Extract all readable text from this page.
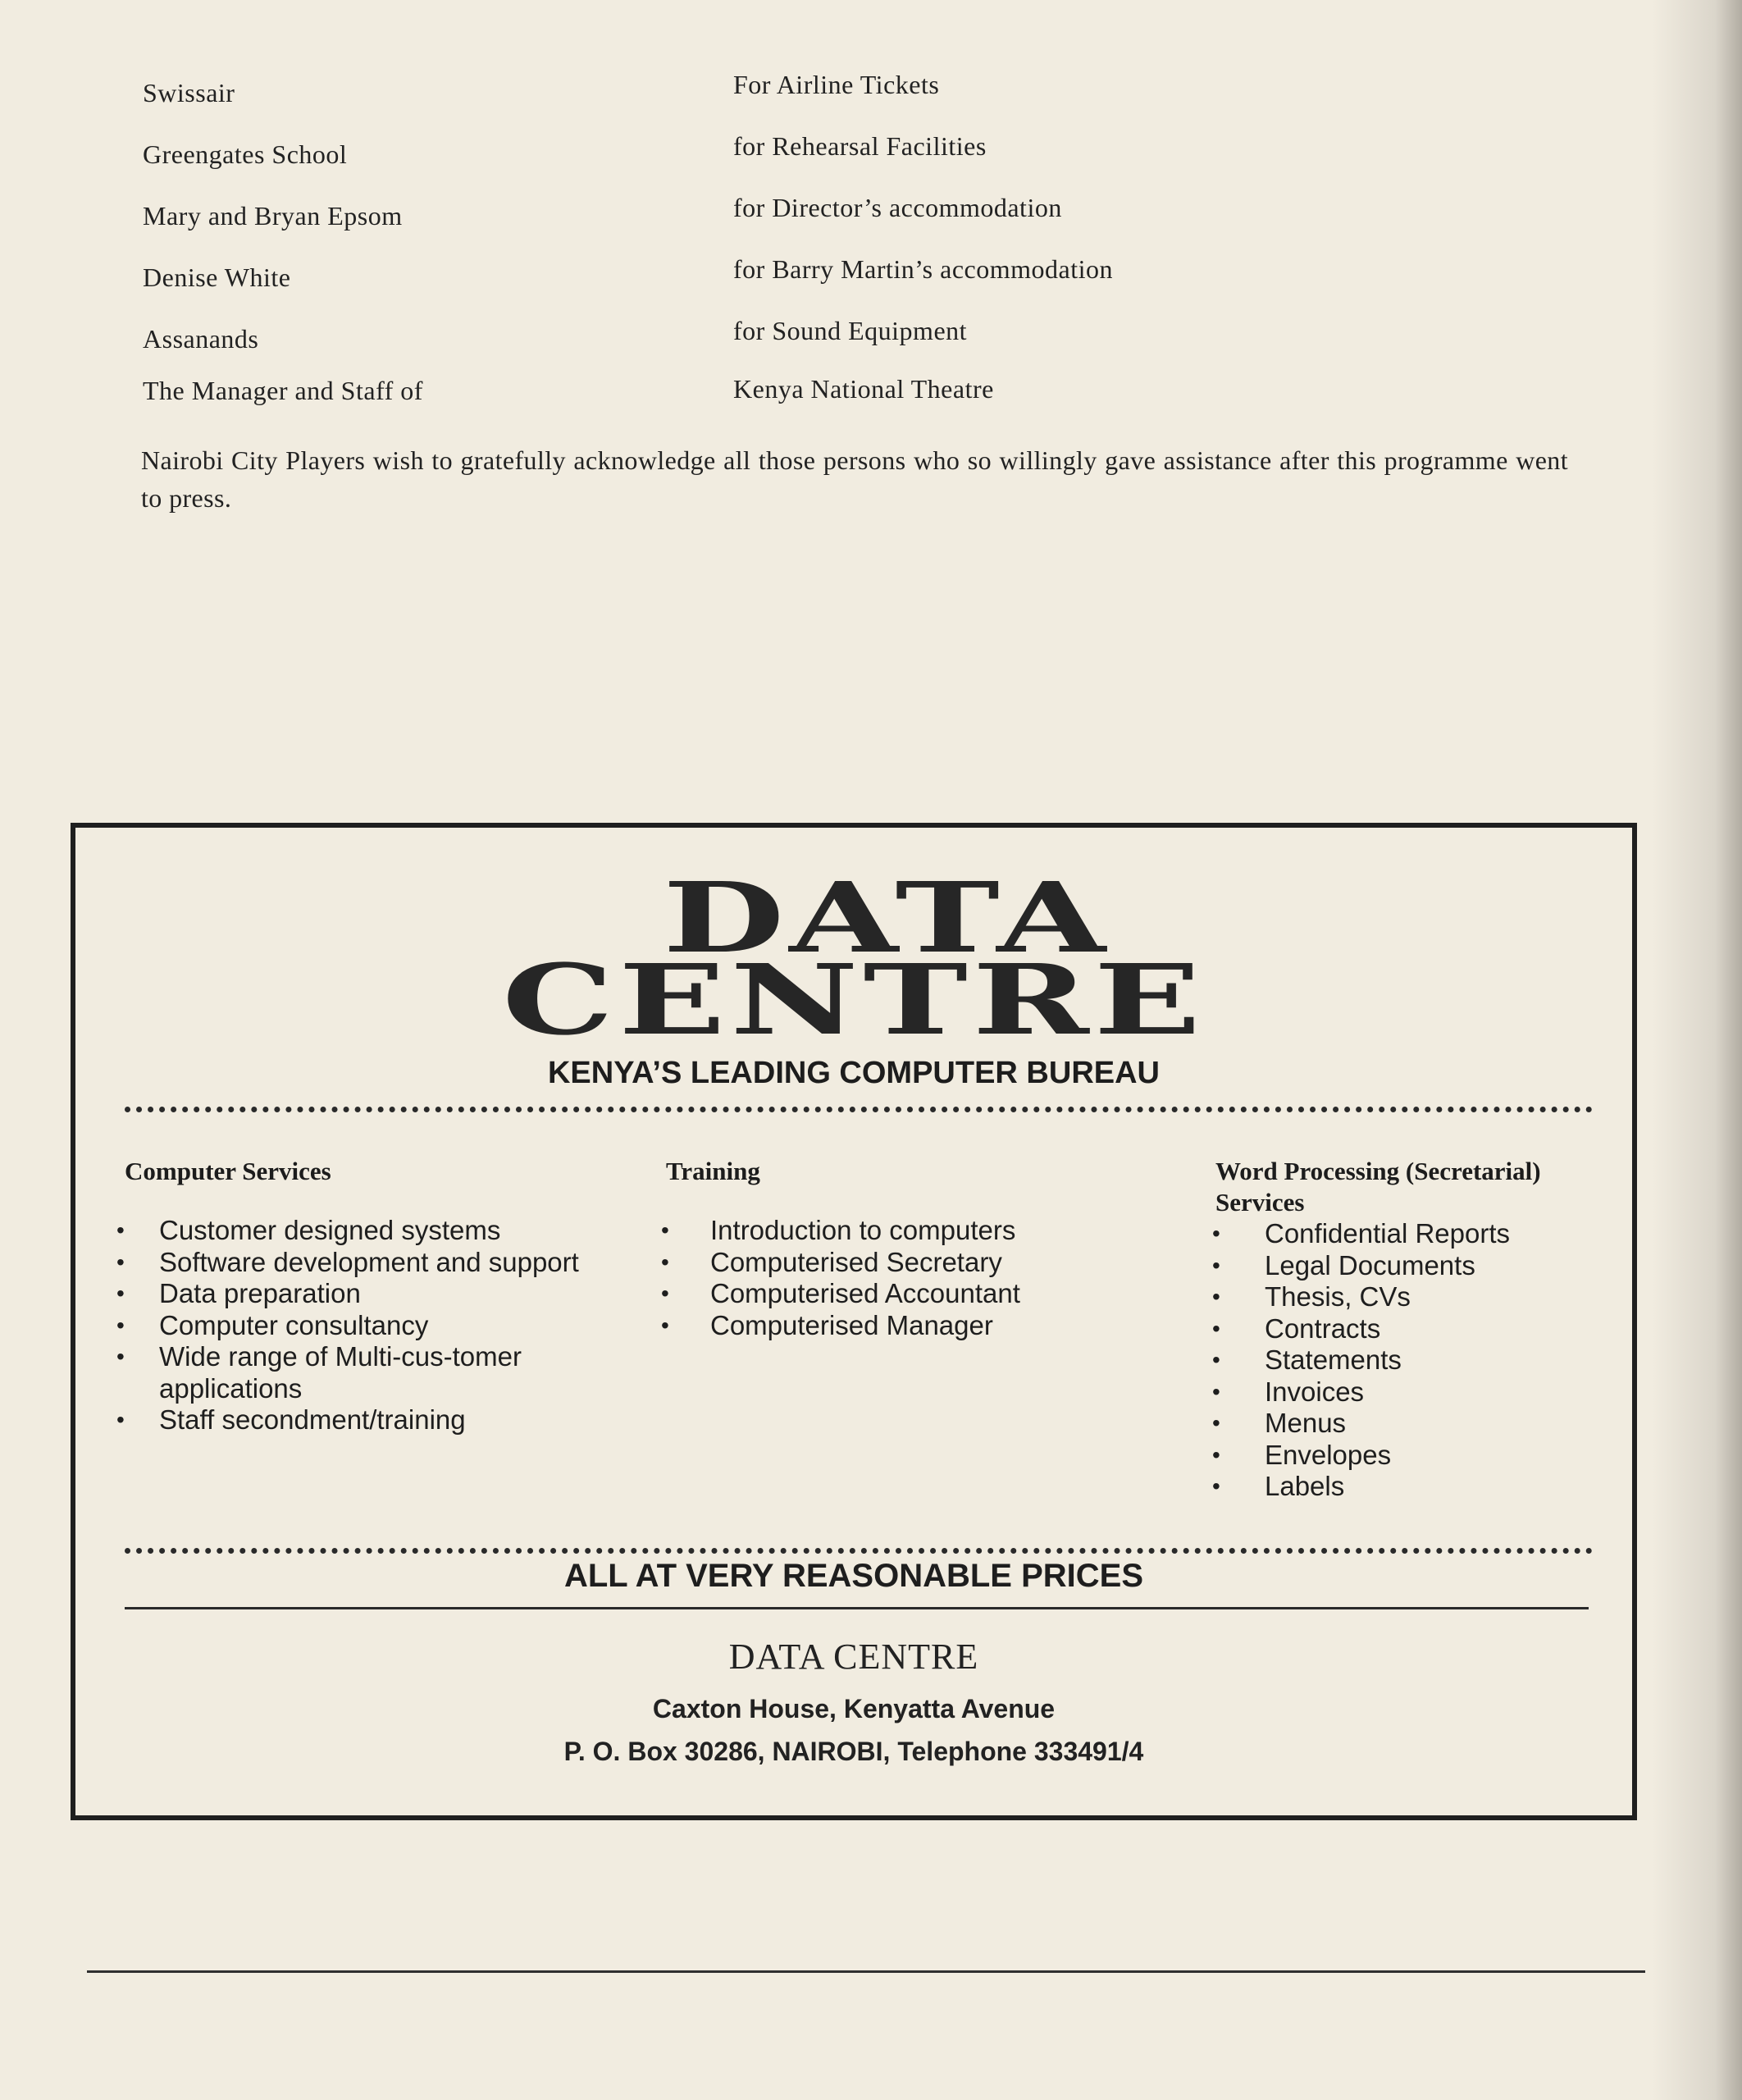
Swissair	For Airline Tickets
Greengates School	for Rehearsal Facilities
Mary and Bryan Epsom	for Director’s accommodation
Denise White	for Barry Martin’s accommodation
Assanands	for Sound Equipment
The Manager and Staff of	Kenya National Theatre

Nairobi City Players wish to gratefully acknowledge all those persons who so willingly gave assistance after this programme went to press.

DATA
CENTRE
KENYA’S LEADING COMPUTER BUREAU
Computer Services
• Customer designed systems
• Software development and support
• Data preparation
• Computer consultancy
• Wide range of Multi-cus-tomer applications
• Staff secondment/training
Training
• Introduction to computers
• Computerised Secretary
• Computerised Accountant
• Computerised Manager
Word Processing (Secretarial) Services
• Confidential Reports
• Legal Documents
• Thesis, CVs
• Contracts
• Statements
• Invoices
• Menus
• Envelopes
• Labels
ALL AT VERY REASONABLE PRICES
DATA CENTRE
Caxton House, Kenyatta Avenue
P. O. Box 30286, NAIROBI, Telephone 333491/4
